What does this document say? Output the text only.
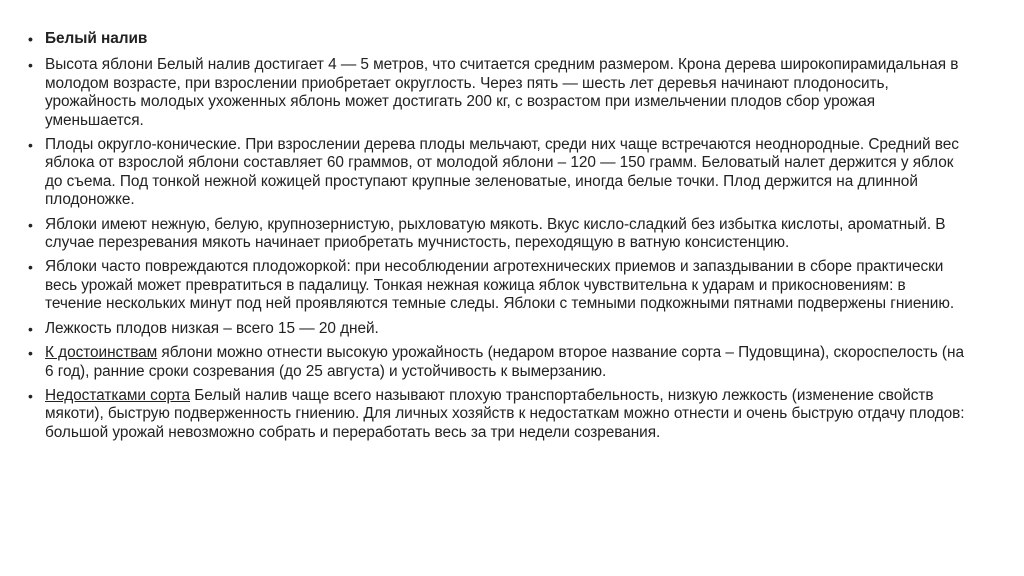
• Белый налив
• Высота яблони Белый налив достигает 4 — 5 метров, что считается средним размером. Крона дерева широкопирамидальная в молодом возрасте, при взрослении приобретает округлость. Через пять — шесть лет деревья начинают плодоносить, урожайность молодых ухоженных яблонь может достигать 200 кг, с возрастом при измельчении плодов сбор урожая уменьшается.
• Плоды округло-конические. При взрослении дерева плоды мельчают, среди них чаще встречаются неоднородные. Средний вес яблока от взрослой яблони составляет 60 граммов, от молодой яблони – 120 — 150 грамм. Беловатый налет держится у яблок до съема. Под тонкой нежной кожицей проступают крупные зеленоватые, иногда белые точки. Плод держится на длинной плодоножке.
• Яблоки имеют нежную, белую, крупнозернистую, рыхловатую мякоть. Вкус кисло-сладкий без избытка кислоты, ароматный. В случае перезревания мякоть начинает приобретать мучнистость, переходящую в ватную консистенцию.
• Яблоки часто повреждаются плодожоркой: при несоблюдении агротехнических приемов и запаздывании в сборе практически весь урожай может превратиться в падалицу. Тонкая нежная кожица яблок чувствительна к ударам и прикосновениям: в течение нескольких минут под ней проявляются темные следы. Яблоки с темными подкожными пятнами подвержены гниению.
• Лежкость плодов низкая – всего 15 — 20 дней.
• К достоинствам яблони можно отнести высокую урожайность (недаром второе название сорта – Пудовщина), скороспелость (на 6 год), ранние сроки созревания (до 25 августа) и устойчивость к вымерзанию.
• Недостатками сорта Белый налив чаще всего называют плохую транспортабельность, низкую лежкость (изменение свойств мякоти), быструю подверженность гниению. Для личных хозяйств к недостаткам можно отнести и очень быструю отдачу плодов: большой урожай невозможно собрать и переработать весь за три недели созревания.
